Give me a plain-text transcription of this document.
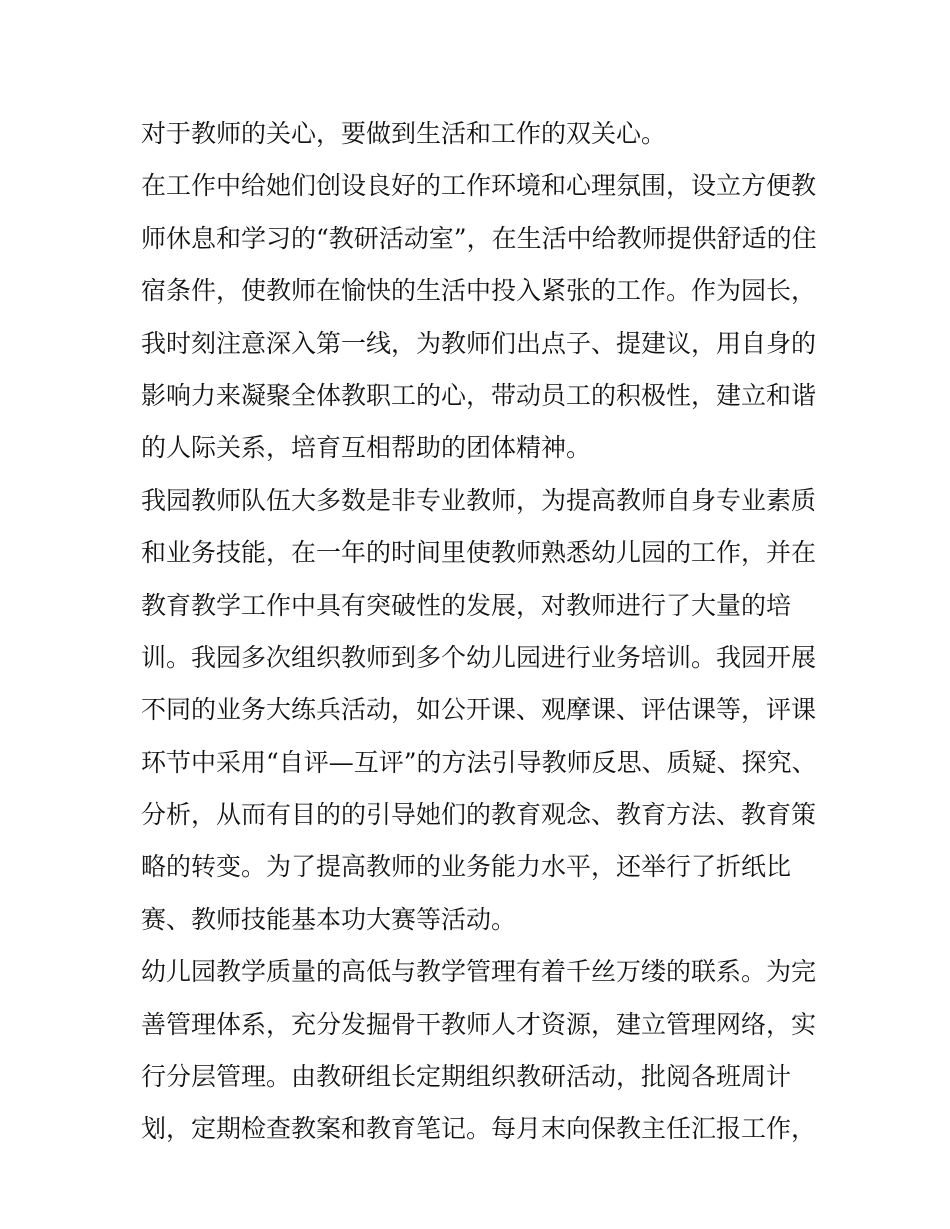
对于教师的关心，要做到生活和工作的双关心。
在工作中给她们创设良好的工作环境和心理氛围，设立方便教
师休息和学习的“教研活动室”，在生活中给教师提供舒适的住
宿条件，使教师在愉快的生活中投入紧张的工作。作为园长，
我时刻注意深入第一线，为教师们出点子、提建议，用自身的
影响力来凝聚全体教职工的心，带动员工的积极性，建立和谐
的人际关系，培育互相帮助的团体精神。
我园教师队伍大多数是非专业教师，为提高教师自身专业素质
和业务技能，在一年的时间里使教师熟悉幼儿园的工作，并在
教育教学工作中具有突破性的发展，对教师进行了大量的培
训。我园多次组织教师到多个幼儿园进行业务培训。我园开展
不同的业务大练兵活动，如公开课、观摩课、评估课等，评课
环节中采用“自评—互评”的方法引导教师反思、质疑、探究、
分析，从而有目的的引导她们的教育观念、教育方法、教育策
略的转变。为了提高教师的业务能力水平，还举行了折纸比
赛、教师技能基本功大赛等活动。
幼儿园教学质量的高低与教学管理有着千丝万缕的联系。为完
善管理体系，充分发掘骨干教师人才资源，建立管理网络，实
行分层管理。由教研组长定期组织教研活动，批阅各班周计
划，定期检查教案和教育笔记。每月末向保教主任汇报工作，
